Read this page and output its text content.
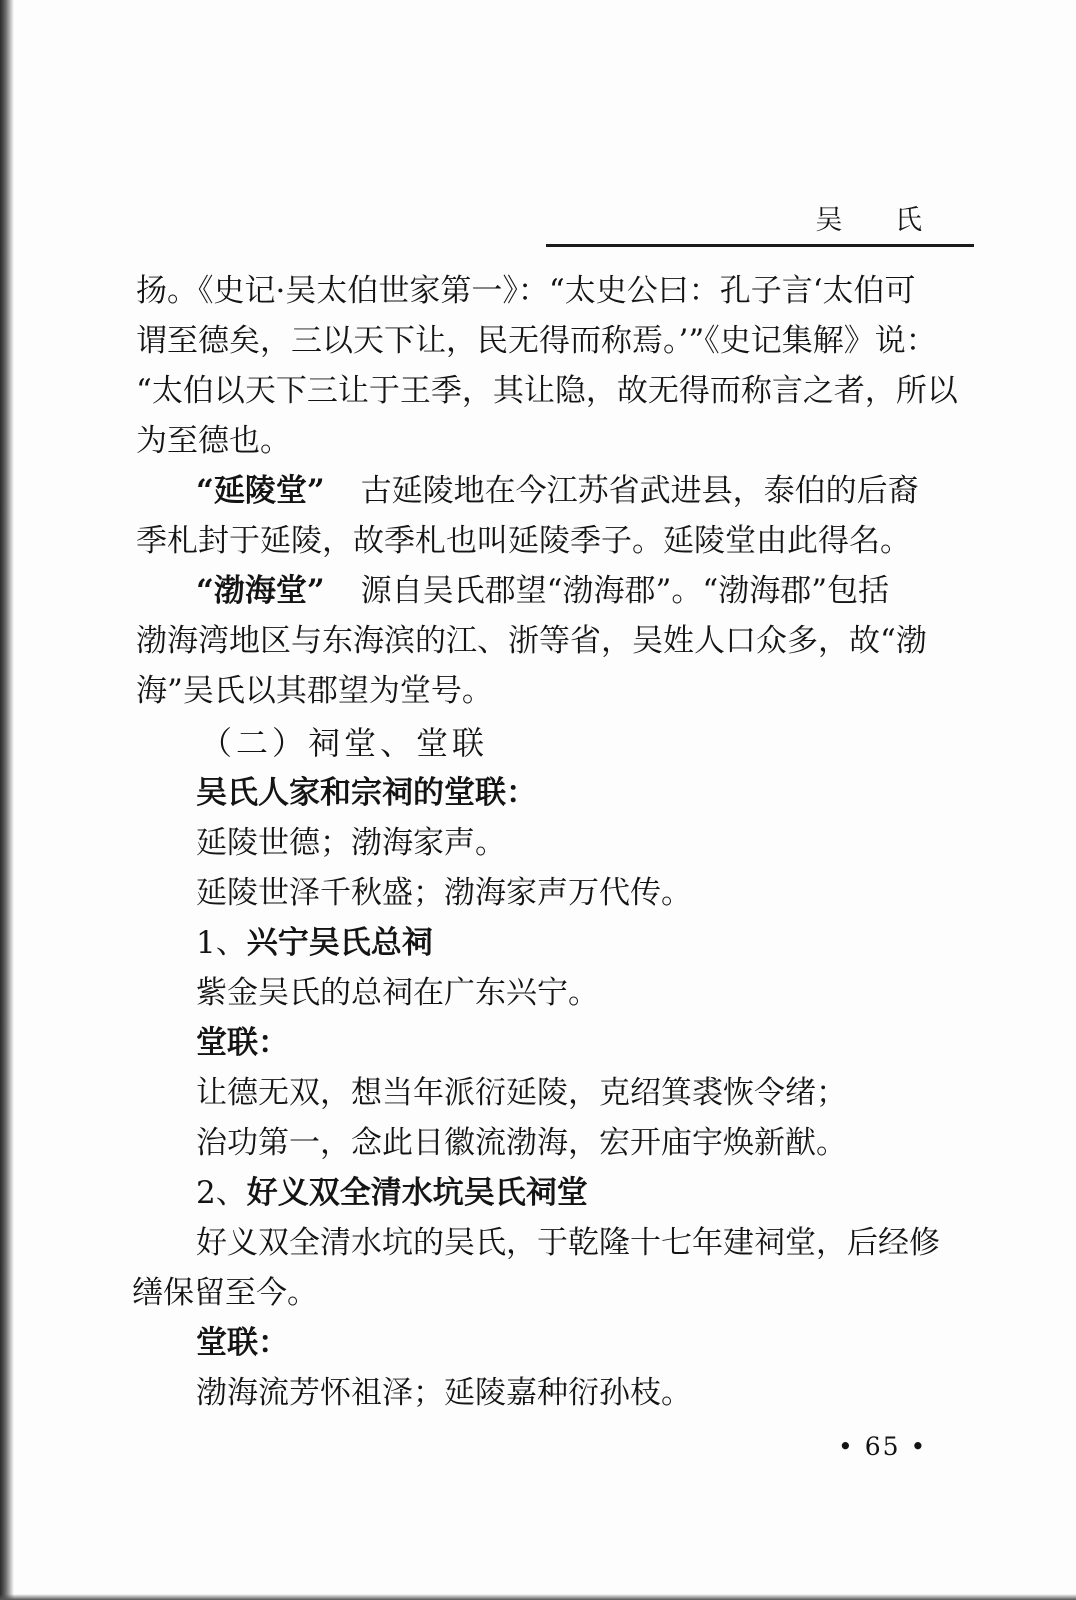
吴 氏

扬。《史记·吴太伯世家第一》：“太史公曰：孔子言‘太伯可

谓至德矣，三以天下让，民无得而称焉。’”《史记集解》说：

“太伯以天下三让于王季，其让隐，故无得而称言之者，所以

为至德也。

“延陵堂” 古延陵地在今江苏省武进县，泰伯的后裔

季札封于延陵，故季札也叫延陵季子。延陵堂由此得名。

“渤海堂” 源自吴氏郡望“渤海郡”。“渤海郡”包括

渤海湾地区与东海滨的江、浙等省，吴姓人口众多，故“渤

海”吴氏以其郡望为堂号。

（二）祠堂、堂联

吴氏人家和宗祠的堂联：

延陵世德；渤海家声。

延陵世泽千秋盛；渤海家声万代传。

1、兴宁吴氏总祠

紫金吴氏的总祠在广东兴宁。

堂联：

让德无双，想当年派衍延陵，克绍箕裘恢令绪；

治功第一，念此日徽流渤海，宏开庙宇焕新猷。

2、好义双全清水坑吴氏祠堂

好义双全清水坑的吴氏，于乾隆十七年建祠堂，后经修

缮保留至今。

堂联：

渤海流芳怀祖泽；延陵嘉种衍孙枝。

• 65 •
